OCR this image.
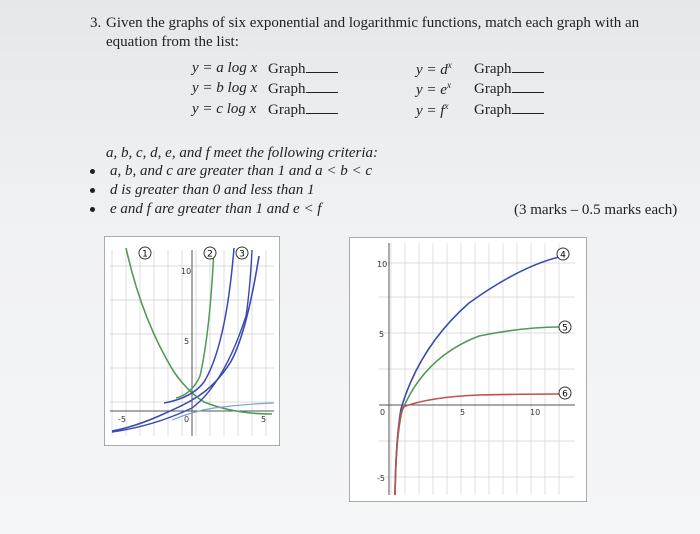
3. Given the graphs of six exponential and logarithmic functions, match each graph with an
equation from the list:
y = a log x Graph
y = b log x Graph
y = c log x Graph
$y = d^x$ Graph
$y = e^x$ Graph
$y = f^x$ Graph
a, b, c, d, e, and f meet the following criteria:
a, b, and c are greater than 1 and a < b < c
d is greater than 0 and less than 1
e and f are greater than 1 and e < f	(3 marks – 0.5 marks each)
1	2	3
10
5
-5	0	5
4
5
6
10
5
-5
0	5	10
